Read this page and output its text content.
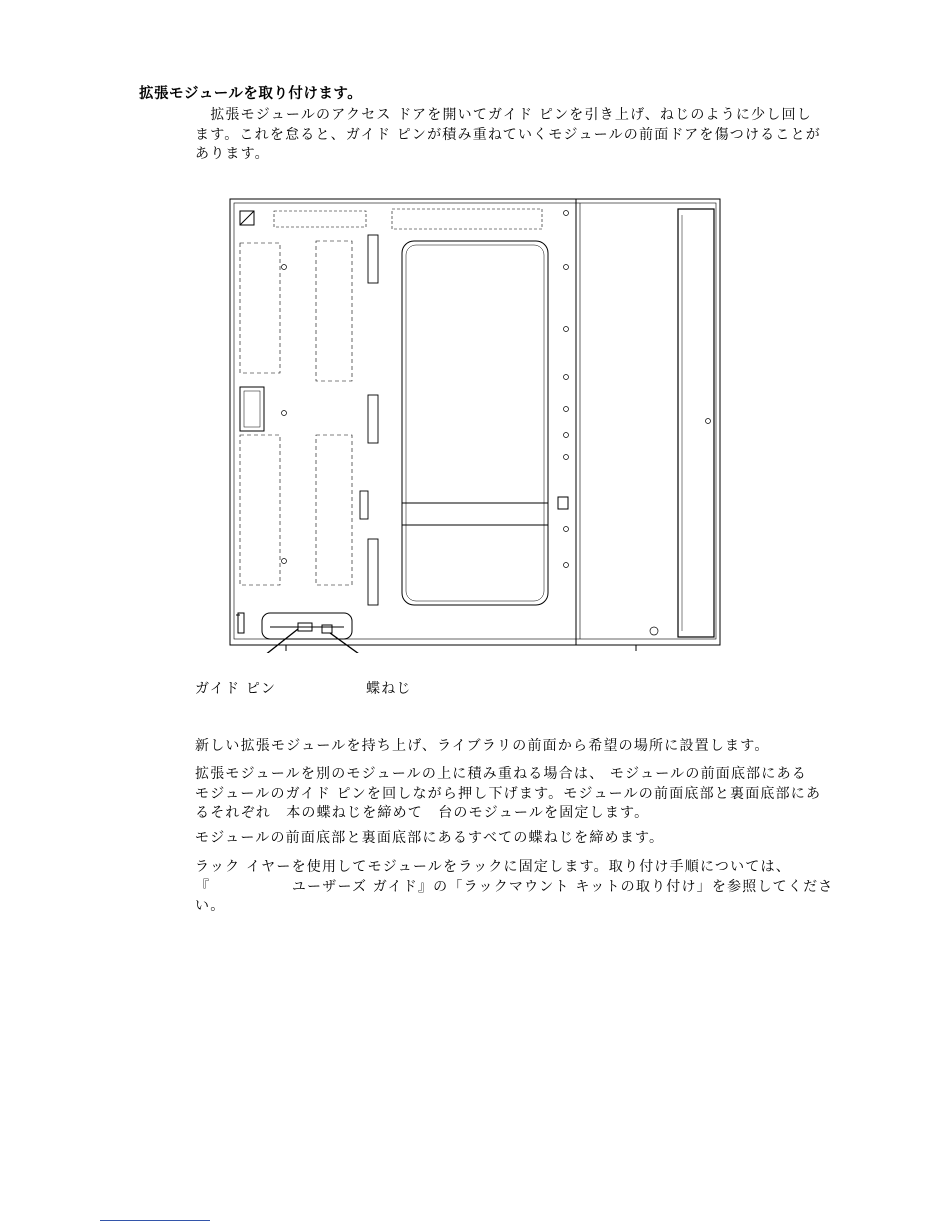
拡張モジュールを取り付けます。
　拡張モジュールのアクセス ドアを開いてガイド ピンを引き上げ、ねじのように少し回し
ます。これを怠ると、ガイド ピンが積み重ねていくモジュールの前面ドアを傷つけることが
あります。
ガイド ピン	蝶ねじ
新しい拡張モジュールを持ち上げ、ライブラリの前面から希望の場所に設置します。
拡張モジュールを別のモジュールの上に積み重ねる場合は、 モジュールの前面底部にある
モジュールのガイド ピンを回しながら押し下げます。モジュールの前面底部と裏面底部にあ
るそれぞれ　本の蝶ねじを締めて　台のモジュールを固定します。
モジュールの前面底部と裏面底部にあるすべての蝶ねじを締めます。
ラック イヤーを使用してモジュールをラックに固定します。取り付け手順については、
『　　　　　 ユーザーズ ガイド』の「ラックマウント キットの取り付け」を参照してくださ
い。
